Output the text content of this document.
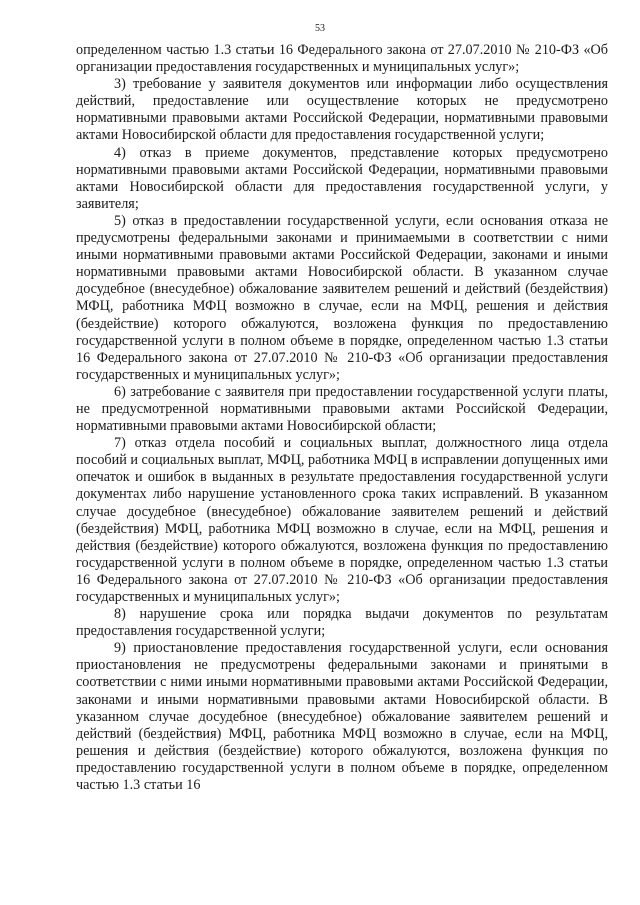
53

определенном частью 1.3 статьи 16 Федерального закона от 27.07.2010 № 210-ФЗ «Об организации предоставления государственных и муниципальных услуг»;

3) требование у заявителя документов или информации либо осуществления действий, предоставление или осуществление которых не предусмотрено нормативными правовыми актами Российской Федерации, нормативными правовыми актами Новосибирской области для предоставления государственной услуги;

4) отказ в приеме документов, представление которых предусмотрено нормативными правовыми актами Российской Федерации, нормативными правовыми актами Новосибирской области для предоставления государственной услуги, у заявителя;

5) отказ в предоставлении государственной услуги, если основания отказа не предусмотрены федеральными законами и принимаемыми в соответствии с ними иными нормативными правовыми актами Российской Федерации, законами и иными нормативными правовыми актами Новосибирской области. В указанном случае досудебное (внесудебное) обжалование заявителем решений и действий (бездействия) МФЦ, работника МФЦ возможно в случае, если на МФЦ, решения и действия (бездействие) которого обжалуются, возложена функция по предоставлению государственной услуги в полном объеме в порядке, определенном частью 1.3 статьи 16 Федерального закона от 27.07.2010 № 210-ФЗ «Об организации предоставления государственных и муниципальных услуг»;

6) затребование с заявителя при предоставлении государственной услуги платы, не предусмотренной нормативными правовыми актами Российской Федерации, нормативными правовыми актами Новосибирской области;

7) отказ отдела пособий и социальных выплат, должностного лица отдела пособий и социальных выплат, МФЦ, работника МФЦ в исправлении допущенных ими опечаток и ошибок в выданных в результате предоставления государственной услуги документах либо нарушение установленного срока таких исправлений. В указанном случае досудебное (внесудебное) обжалование заявителем решений и действий (бездействия) МФЦ, работника МФЦ возможно в случае, если на МФЦ, решения и действия (бездействие) которого обжалуются, возложена функция по предоставлению государственной услуги в полном объеме в порядке, определенном частью 1.3 статьи 16 Федерального закона от 27.07.2010 № 210-ФЗ «Об организации предоставления государственных и муниципальных услуг»;

8) нарушение срока или порядка выдачи документов по результатам предоставления государственной услуги;

9) приостановление предоставления государственной услуги, если основания приостановления не предусмотрены федеральными законами и принятыми в соответствии с ними иными нормативными правовыми актами Российской Федерации, законами и иными нормативными правовыми актами Новосибирской области. В указанном случае досудебное (внесудебное) обжалование заявителем решений и действий (бездействия) МФЦ, работника МФЦ возможно в случае, если на МФЦ, решения и действия (бездействие) которого обжалуются, возложена функция по предоставлению государственной услуги в полном объеме в порядке, определенном частью 1.3 статьи 16
